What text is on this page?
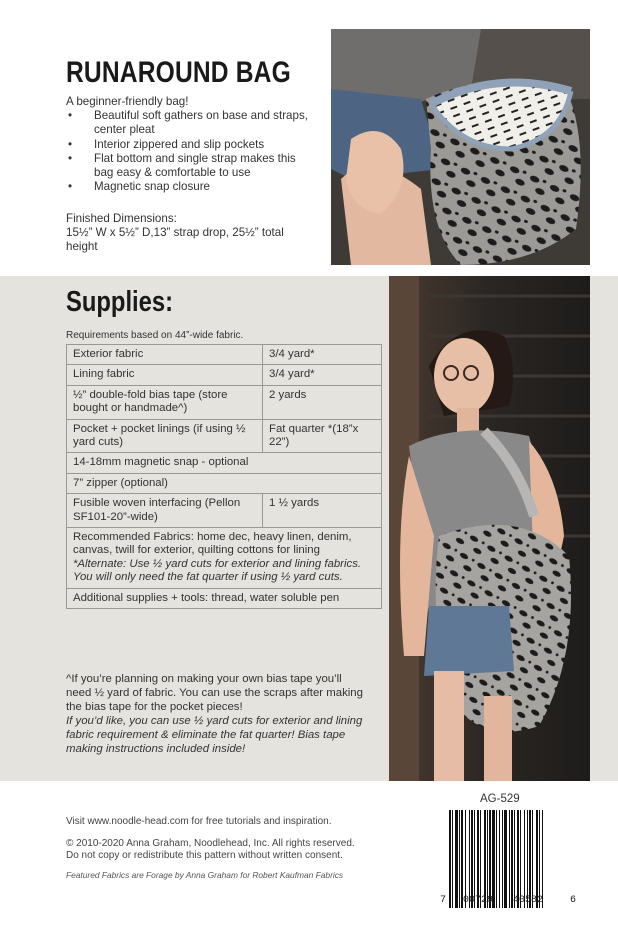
RUNAROUND BAG

A beginner-friendly bag!

• Beautiful soft gathers on base and straps, center pleat
• Interior zippered and slip pockets
• Flat bottom and single strap makes this bag easy & comfortable to use
• Magnetic snap closure

Finished Dimensions:

15½” W x 5½” D,13” strap drop, 25½” total height

Supplies:

Requirements based on 44”-wide fabric.

Exterior fabric	3/4 yard*
Lining fabric	3/4 yard*
½” double-fold bias tape (store bought or handmade^)	2 yards
Pocket + pocket linings (if using ½ yard cuts)	Fat quarter *(18”x 22”)
14-18mm magnetic snap - optional	
7” zipper (optional)	
Fusible woven interfacing (Pellon SF101-20”-wide)	1 ½ yards
Recommended Fabrics: home dec, heavy linen, denim, canvas, twill for exterior, quilting cottons for lining
*Alternate: Use ½ yard cuts for exterior and lining fabrics. You will only need the fat quarter if using ½ yard cuts.	

Additional supplies + tools: thread, water soluble pen	
^If you’re planning on making your own bias tape you’ll need ½ yard of fabric. You can use the scraps after making the bias tape for the pocket pieces!
If you’d like, you can use ½ yard cuts for exterior and lining fabric requirement & eliminate the fat quarter! Bias tape making instructions included inside!

Visit www.noodle-head.com for free tutorials and inspiration.

© 2010-2020 Anna Graham, Noodlehead, Inc. All rights reserved.

Do not copy or redistribute this pattern without written consent.

Featured Fabrics are Forage by Anna Graham for Robert Kaufman Fabrics

AG-529

7 00729 40582	6
